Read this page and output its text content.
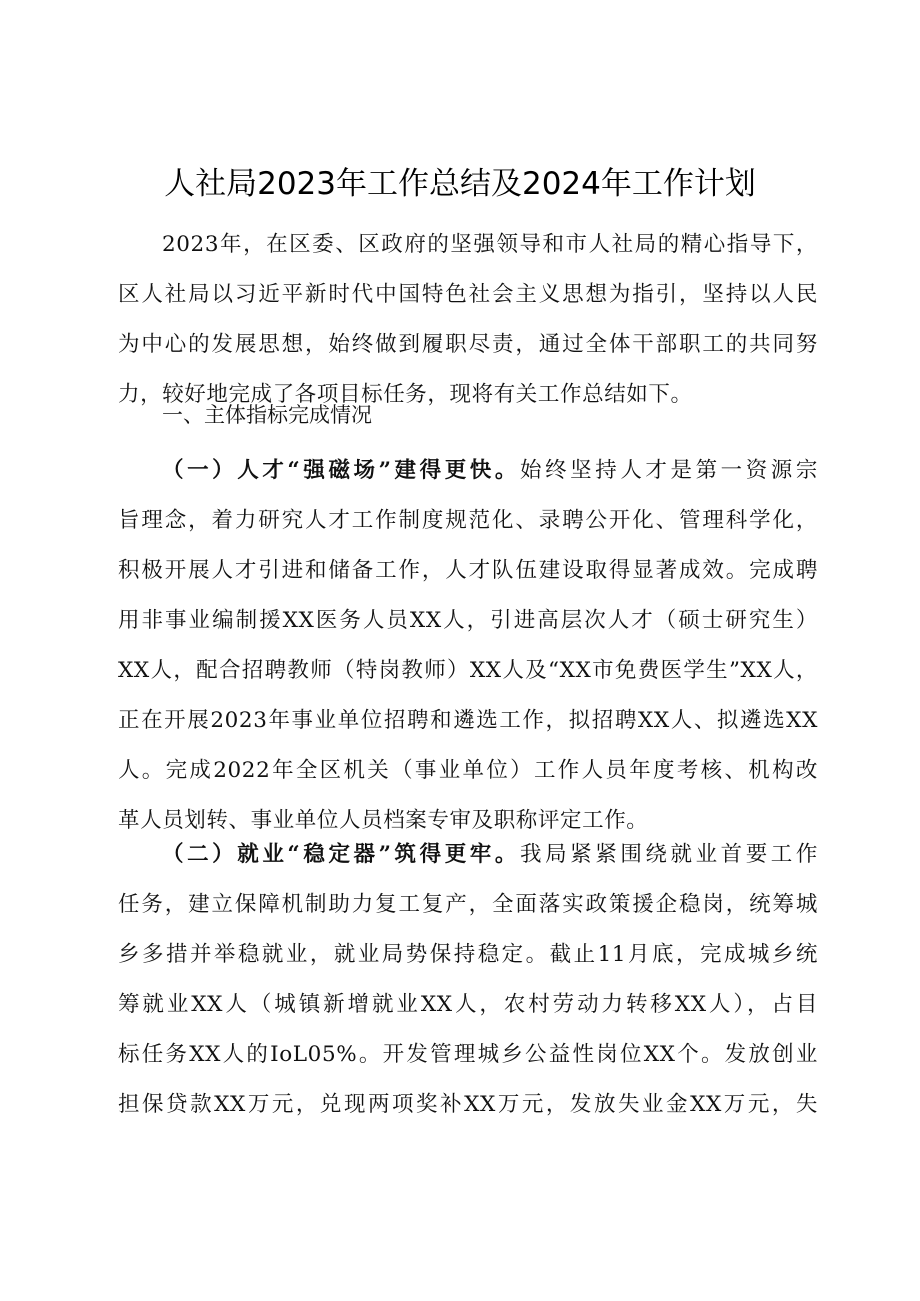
人社局2023年工作总结及2024年工作计划
2023年，在区委、区政府的坚强领导和市人社局的精心指导下，
区人社局以习近平新时代中国特色社会主义思想为指引，坚持以人民
为中心的发展思想，始终做到履职尽责，通过全体干部职工的共同努
力，较好地完成了各项目标任务，现将有关工作总结如下。
一、主体指标完成情况
（一）人才“强磁场”建得更快。始终坚持人才是第一资源宗
旨理念，着力研究人才工作制度规范化、录聘公开化、管理科学化，
积极开展人才引进和储备工作，人才队伍建设取得显著成效。完成聘
用非事业编制援XX医务人员XX人，引进高层次人才（硕士研究生）
XX人，配合招聘教师（特岗教师）XX人及“XX市免费医学生”XX人，
正在开展2023年事业单位招聘和遴选工作，拟招聘XX人、拟遴选XX
人。完成2022年全区机关（事业单位）工作人员年度考核、机构改
革人员划转、事业单位人员档案专审及职称评定工作。
（二）就业“稳定器”筑得更牢。我局紧紧围绕就业首要工作
任务，建立保障机制助力复工复产，全面落实政策援企稳岗，统筹城
乡多措并举稳就业，就业局势保持稳定。截止11月底，完成城乡统
筹就业XX人（城镇新增就业XX人，农村劳动力转移XX人），占目
标任务XX人的IoL05%。开发管理城乡公益性岗位XX个。发放创业
担保贷款XX万元，兑现两项奖补XX万元，发放失业金XX万元，失
